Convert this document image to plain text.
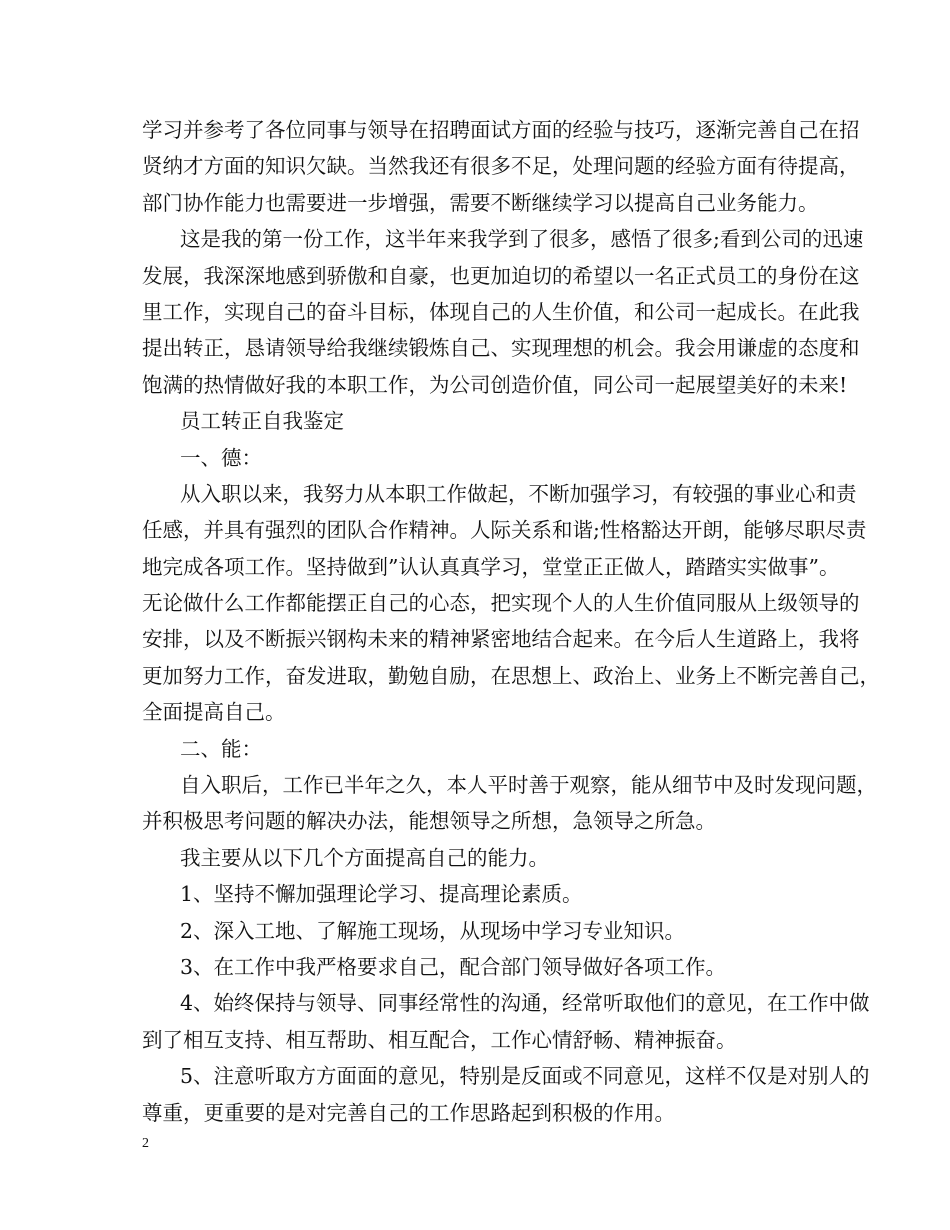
学习并参考了各位同事与领导在招聘面试方面的经验与技巧，逐渐完善自己在招
贤纳才方面的知识欠缺。当然我还有很多不足，处理问题的经验方面有待提高，
部门协作能力也需要进一步增强，需要不断继续学习以提高自己业务能力。
这是我的第一份工作，这半年来我学到了很多，感悟了很多;看到公司的迅速
发展，我深深地感到骄傲和自豪，也更加迫切的希望以一名正式员工的身份在这
里工作，实现自己的奋斗目标，体现自己的人生价值，和公司一起成长。在此我
提出转正，恳请领导给我继续锻炼自己、实现理想的机会。我会用谦虚的态度和
饱满的热情做好我的本职工作，为公司创造价值，同公司一起展望美好的未来!
员工转正自我鉴定
一、德：
从入职以来，我努力从本职工作做起，不断加强学习，有较强的事业心和责
任感，并具有强烈的团队合作精神。人际关系和谐;性格豁达开朗，能够尽职尽责
地完成各项工作。坚持做到”认认真真学习，堂堂正正做人，踏踏实实做事”。
无论做什么工作都能摆正自己的心态，把实现个人的人生价值同服从上级领导的
安排，以及不断振兴钢构未来的精神紧密地结合起来。在今后人生道路上，我将
更加努力工作，奋发进取，勤勉自励，在思想上、政治上、业务上不断完善自己，
全面提高自己。
二、能：
自入职后，工作已半年之久，本人平时善于观察，能从细节中及时发现问题，
并积极思考问题的解决办法，能想领导之所想，急领导之所急。
我主要从以下几个方面提高自己的能力。
1、坚持不懈加强理论学习、提高理论素质。
2、深入工地、了解施工现场，从现场中学习专业知识。
3、在工作中我严格要求自己，配合部门领导做好各项工作。
4、始终保持与领导、同事经常性的沟通，经常听取他们的意见，在工作中做
到了相互支持、相互帮助、相互配合，工作心情舒畅、精神振奋。
5、注意听取方方面面的意见，特别是反面或不同意见，这样不仅是对别人的
尊重，更重要的是对完善自己的工作思路起到积极的作用。
2
